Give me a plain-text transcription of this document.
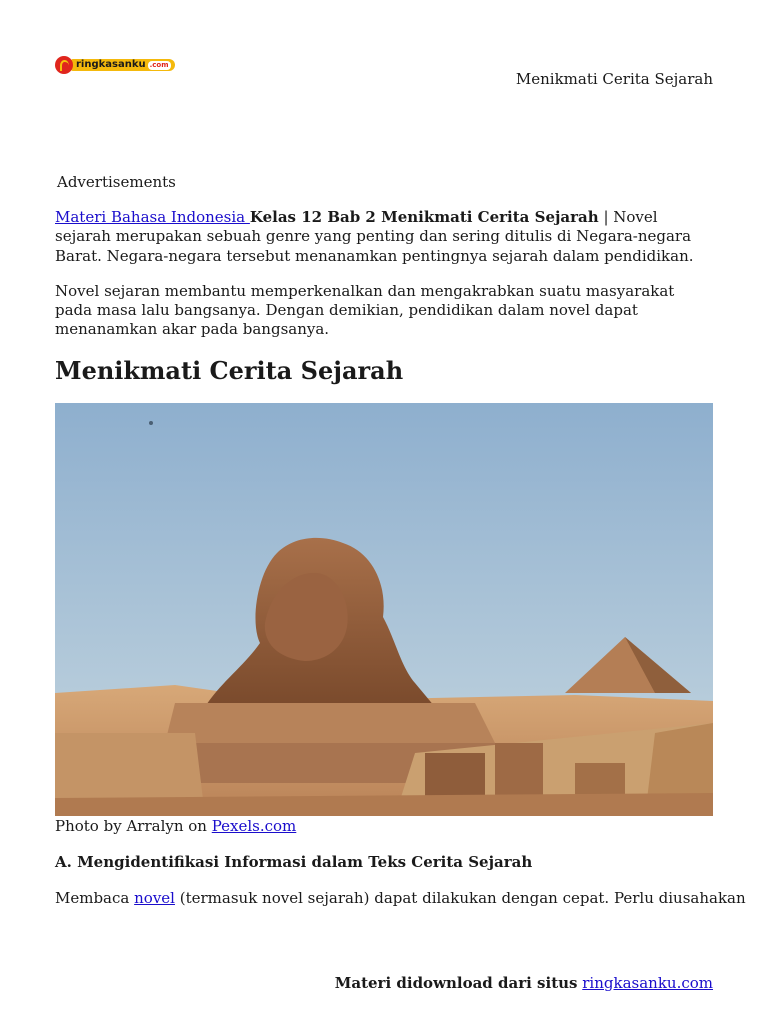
ringkasanku .com
Menikmati Cerita Sejarah
Advertisements

Materi Bahasa Indonesia Kelas 12 Bab 2 Menikmati Cerita Sejarah | Novel sejarah merupakan sebuah genre yang penting dan sering ditulis di Negara-negara Barat. Negara-negara tersebut menanamkan pentingnya sejarah dalam pendidikan.

Novel sejaran membantu memperkenalkan dan mengakrabkan suatu masyarakat pada masa lalu bangsanya. Dengan demikian, pendidikan dalam novel dapat menanamkan akar pada bangsanya.

Menikmati Cerita Sejarah
Photo by Arralyn on Pexels.com
A. Mengidentifikasi Informasi dalam Teks Cerita Sejarah
Membaca novel (termasuk novel sejarah) dapat dilakukan dengan cepat. Perlu diusahakan
Materi didownload dari situs ringkasanku.com
